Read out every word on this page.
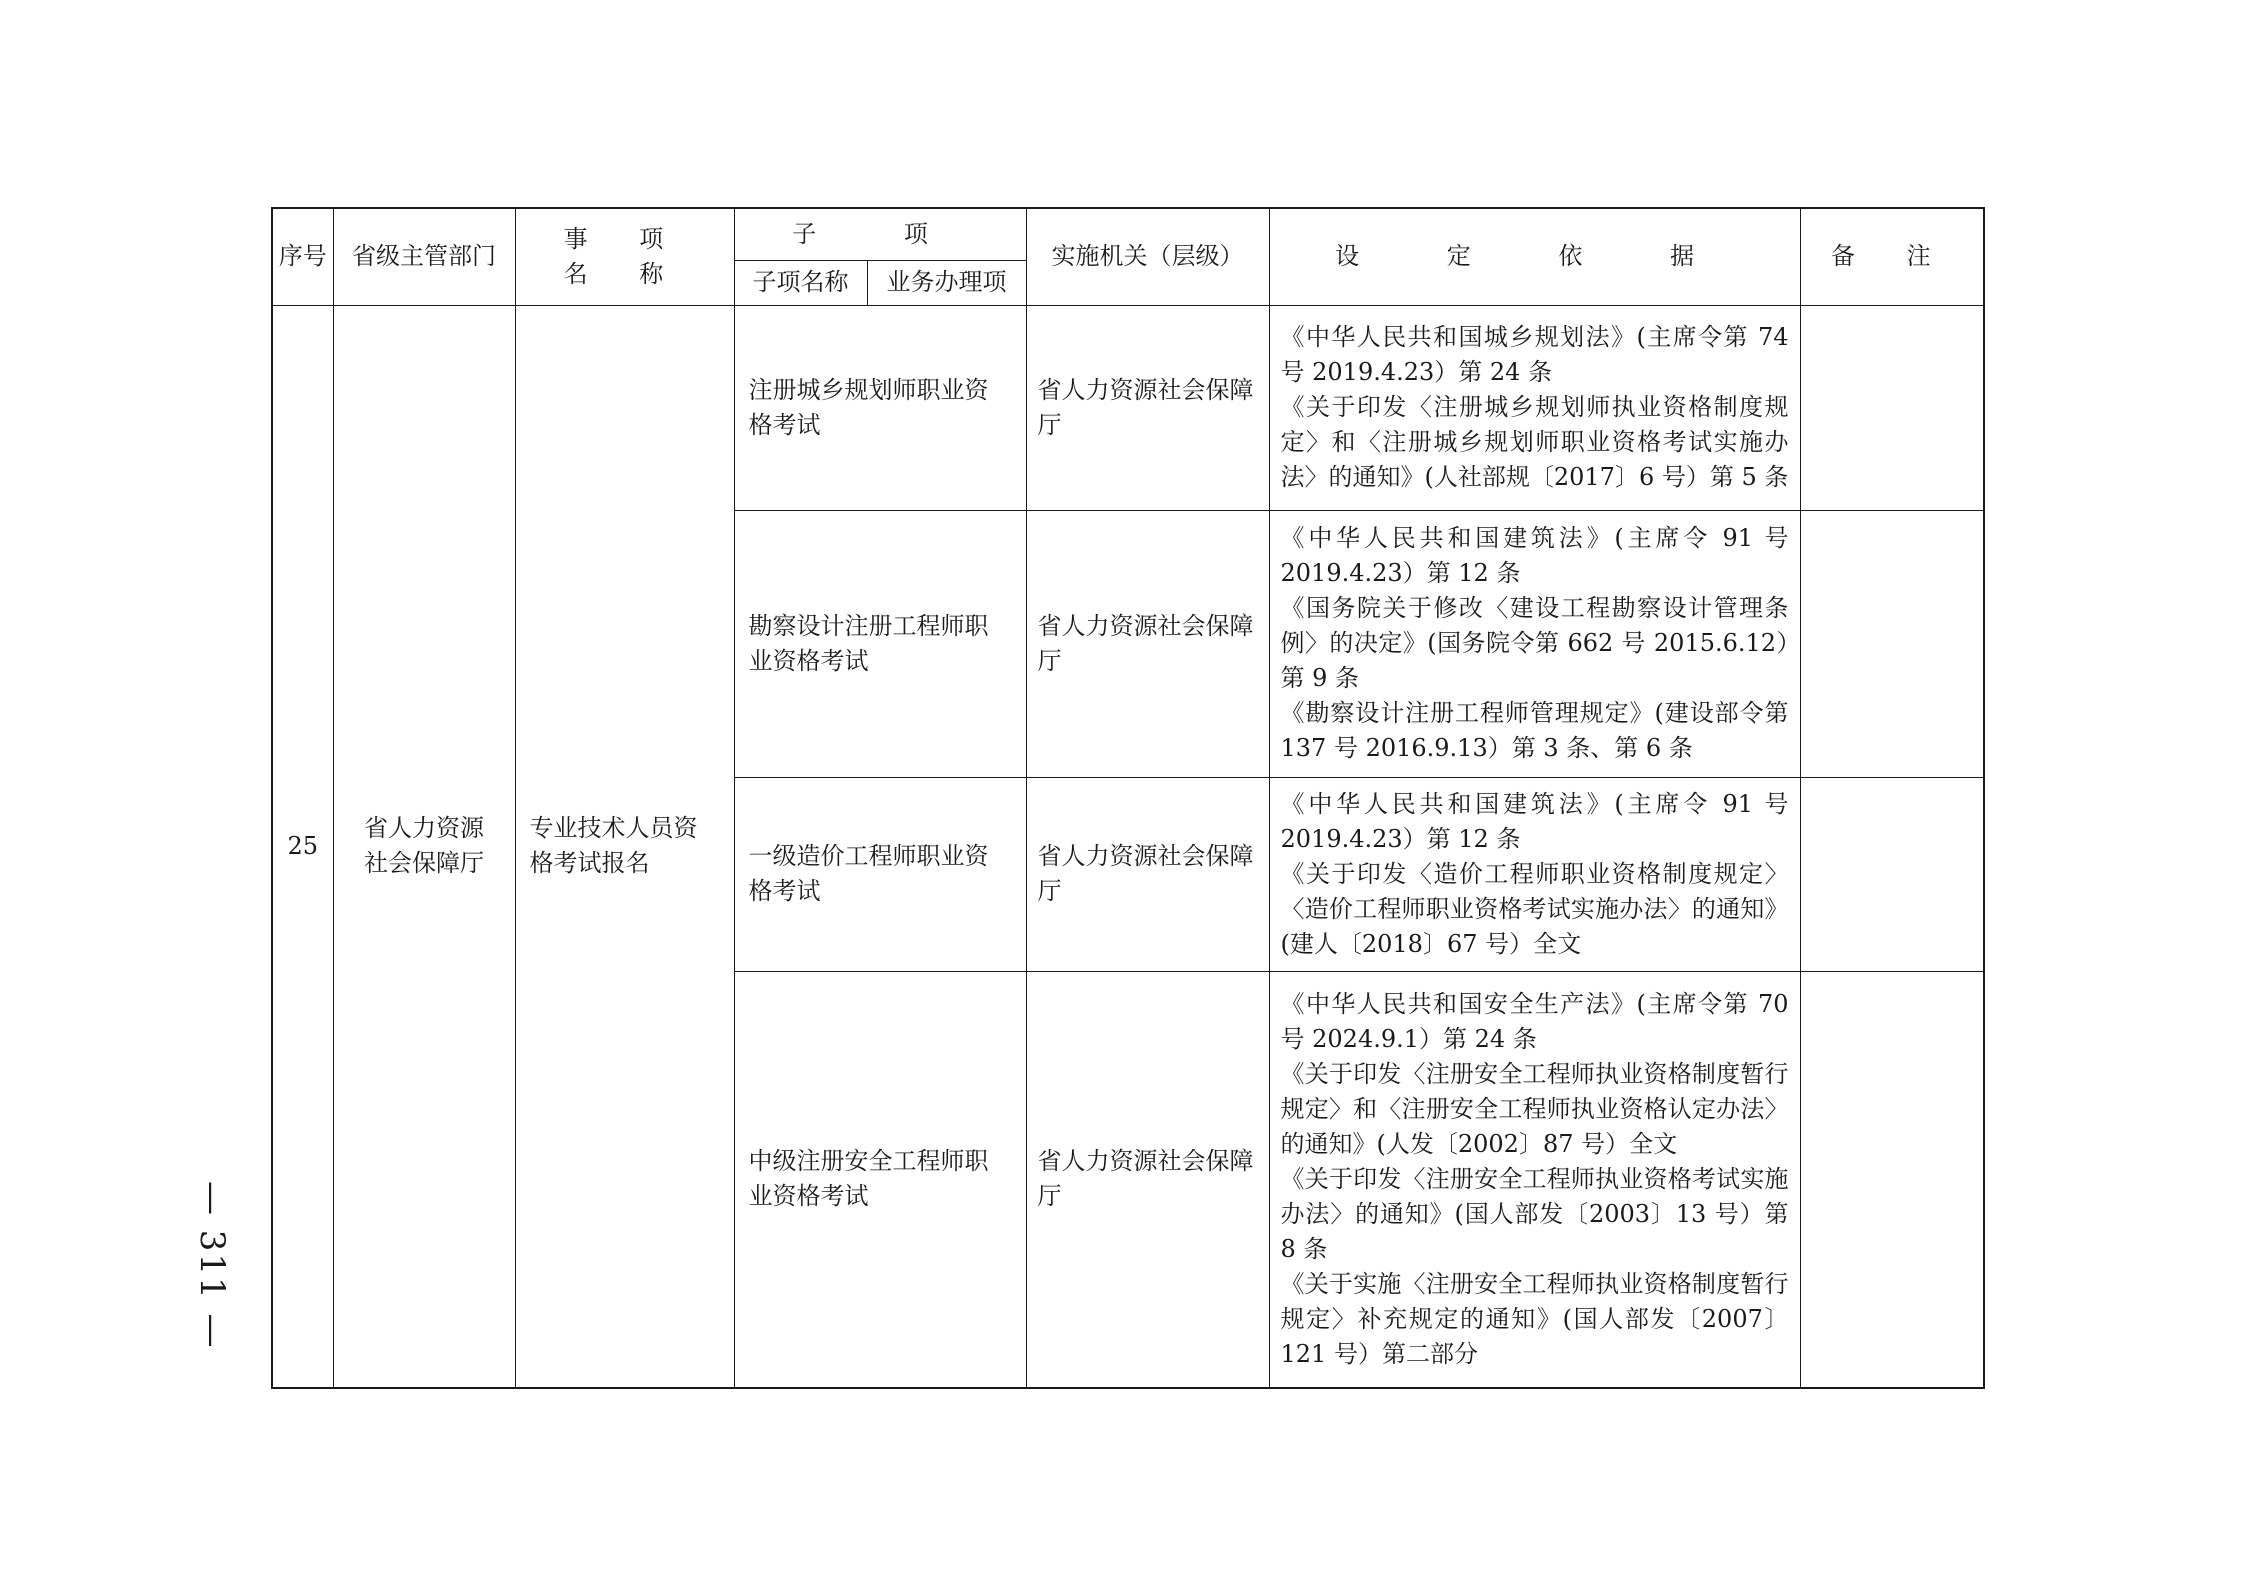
— 311 —
序号	省级主管部门	事 项 名 称	子 项		实施机关（层级）	设 定 依 据	备 注
			子项名称	业务办理项			
25	省人力资源社会保障厅	专业技术人员资格考试报名	注册城乡规划师职业资格考试		省人力资源社会保障厅	《中华人民共和国城乡规划法》(主席令第 74 号 2019.4.23）第 24 条
《关于印发〈注册城乡规划师执业资格制度规定〉和〈注册城乡规划师职业资格考试实施办法〉的通知》(人社部规〔2017〕6 号）第 5 条	

			勘察设计注册工程师职业资格考试		省人力资源社会保障厅	《中华人民共和国建筑法》(主席令 91 号 2019.4.23）第 12 条
《国务院关于修改〈建设工程勘察设计管理条例〉的决定》(国务院令第 662 号 2015.6.12）第 9 条
《勘察设计注册工程师管理规定》(建设部令第 137 号 2016.9.13）第 3 条、第 6 条	

			一级造价工程师职业资格考试		省人力资源社会保障厅	《中华人民共和国建筑法》(主席令 91 号 2019.4.23）第 12 条
《关于印发〈造价工程师职业资格制度规定〉〈造价工程师职业资格考试实施办法〉的通知》(建人〔2018〕67 号）全文	

			中级注册安全工程师职业资格考试		省人力资源社会保障厅	《中华人民共和国安全生产法》(主席令第 70 号 2024.9.1）第 24 条
《关于印发〈注册安全工程师执业资格制度暂行规定〉和〈注册安全工程师执业资格认定办法〉的通知》(人发〔2002〕87 号）全文
《关于印发〈注册安全工程师执业资格考试实施办法〉的通知》(国人部发〔2003〕13 号）第 8 条
《关于实施〈注册安全工程师执业资格制度暂行规定〉补充规定的通知》(国人部发〔2007〕121 号）第二部分	
